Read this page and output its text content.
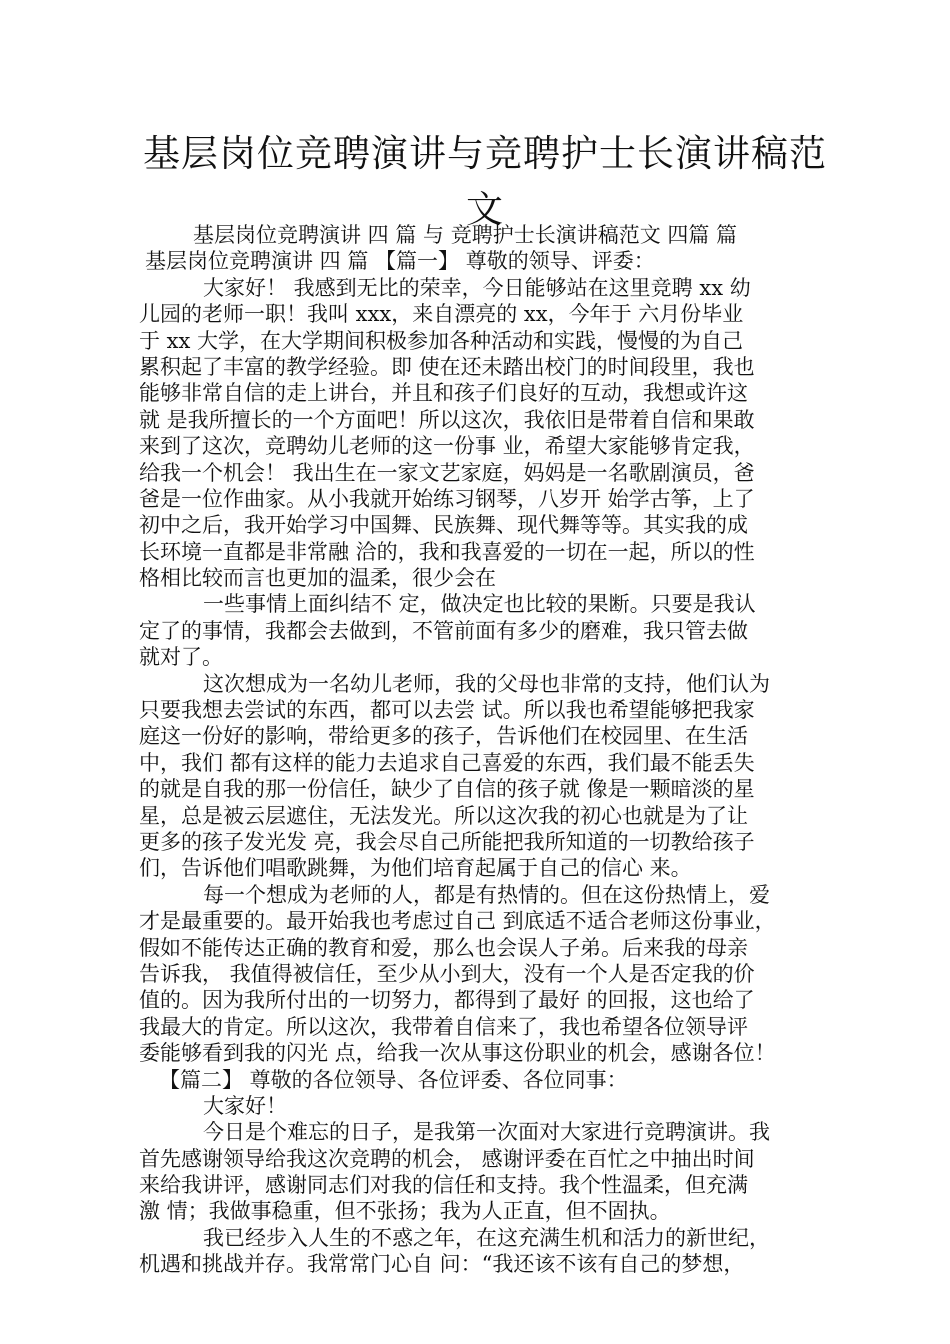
基层岗位竞聘演讲与竞聘护士长演讲稿范
文
基层岗位竞聘演讲 四 篇 与 竞聘护士长演讲稿范文 四篇 篇
基层岗位竞聘演讲 四 篇 【篇一】 尊敬的领导、评委：
大家好！ 我感到无比的荣幸，今日能够站在这里竞聘 xx 幼
儿园的老师一职！我叫 xxx，来自漂亮的 xx，今年于 六月份毕业
于 xx 大学，在大学期间积极参加各种活动和实践，慢慢的为自己
累积起了丰富的教学经验。即 使在还未踏出校门的时间段里，我也
能够非常自信的走上讲台，并且和孩子们良好的互动，我想或许这
就 是我所擅长的一个方面吧！所以这次，我依旧是带着自信和果敢
来到了这次，竞聘幼儿老师的这一份事 业，希望大家能够肯定我，
给我一个机会！ 我出生在一家文艺家庭，妈妈是一名歌剧演员，爸
爸是一位作曲家。从小我就开始练习钢琴，八岁开 始学古筝，上了
初中之后，我开始学习中国舞、民族舞、现代舞等等。其实我的成
长环境一直都是非常融 洽的，我和我喜爱的一切在一起，所以的性
格相比较而言也更加的温柔，很少会在
一些事情上面纠结不 定，做决定也比较的果断。只要是我认
定了的事情，我都会去做到，不管前面有多少的磨难，我只管去做
就对了。
这次想成为一名幼儿老师，我的父母也非常的支持，他们认为
只要我想去尝试的东西，都可以去尝 试。所以我也希望能够把我家
庭这一份好的影响，带给更多的孩子，告诉他们在校园里、在生活
中，我们 都有这样的能力去追求自己喜爱的东西，我们最不能丢失
的就是自我的那一份信任，缺少了自信的孩子就 像是一颗暗淡的星
星，总是被云层遮住，无法发光。所以这次我的初心也就是为了让
更多的孩子发光发 亮，我会尽自己所能把我所知道的一切教给孩子
们，告诉他们唱歌跳舞，为他们培育起属于自己的信心 来。
每一个想成为老师的人，都是有热情的。但在这份热情上，爱
才是最重要的。最开始我也考虑过自己 到底适不适合老师这份事业，
假如不能传达正确的教育和爱，那么也会误人子弟。后来我的母亲
告诉我， 我值得被信任，至少从小到大，没有一个人是否定我的价
值的。因为我所付出的一切努力，都得到了最好 的回报，这也给了
我最大的肯定。所以这次，我带着自信来了，我也希望各位领导评
委能够看到我的闪光 点，给我一次从事这份职业的机会，感谢各位！
【篇二】 尊敬的各位领导、各位评委、各位同事：
大家好！
今日是个难忘的日子，是我第一次面对大家进行竞聘演讲。我
首先感谢领导给我这次竞聘的机会， 感谢评委在百忙之中抽出时间
来给我讲评，感谢同志们对我的信任和支持。我个性温柔，但充满
激 情；我做事稳重，但不张扬；我为人正直，但不固执。
我已经步入人生的不惑之年，在这充满生机和活力的新世纪，
机遇和挑战并存。我常常门心自 问：“我还该不该有自己的梦想，
